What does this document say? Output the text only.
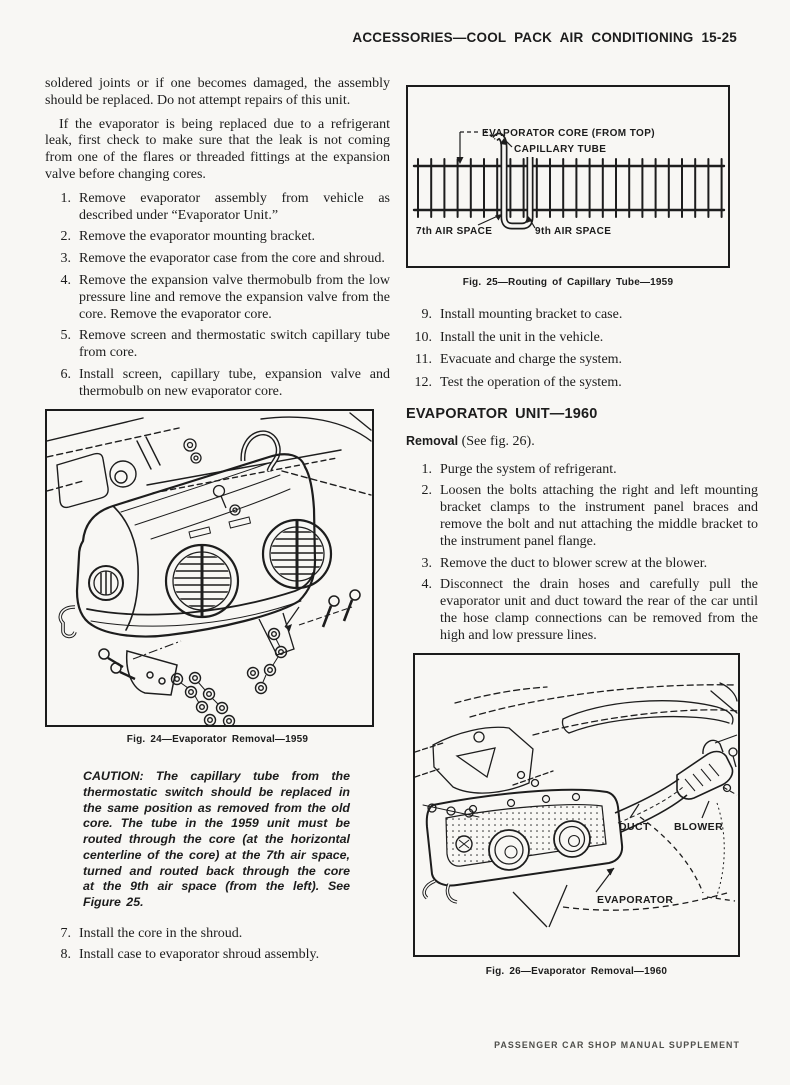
ACCESSORIES—COOL PACK AIR CONDITIONING 15-25

soldered joints or if one becomes damaged, the assembly should be replaced. Do not attempt repairs of this unit.

If the evaporator is being replaced due to a refrigerant leak, first check to make sure that the leak is not coming from one of the flares or threaded fittings at the expansion valve before changing cores.

1. Remove evaporator assembly from vehicle as described under “Evaporator Unit.”
2. Remove the evaporator mounting bracket.
3. Remove the evaporator case from the core and shroud.
4. Remove the expansion valve thermobulb from the low pressure line and remove the expansion valve from the core. Remove the evaporator core.
5. Remove screen and thermostatic switch capillary tube from core.
6. Install screen, capillary tube, expansion valve and thermobulb on new evaporator core.
Fig. 24—Evaporator Removal—1959

CAUTION: The capillary tube from the thermostatic switch should be replaced in the same position as removed from the old core. The tube in the 1959 unit must be routed through the core (at the horizontal centerline of the core) at the 7th air space, turned and routed back through the core at the 9th air space (from the left). See Figure 25.

7. Install the core in the shroud.
8. Install case to evaporator shroud assembly.
EVAPORATOR CORE (FROM TOP)
CAPILLARY TUBE
7th AIR SPACE	9th AIR SPACE
Fig. 25—Routing of Capillary Tube—1959
9. Install mounting bracket to case.
10. Install the unit in the vehicle.
11. Evacuate and charge the system.
12. Test the operation of the system.
EVAPORATOR UNIT—1960

Removal (See fig. 26).

1. Purge the system of refrigerant.
2. Loosen the bolts attaching the right and left mounting bracket clamps to the instrument panel braces and remove the bolt and nut attaching the middle bracket to the instrument panel flange.
3. Remove the duct to blower screw at the blower.
4. Disconnect the drain hoses and carefully pull the evaporator unit and duct toward the rear of the car until the hose clamp connections can be removed from the high and low pressure lines.
DUCT BLOWER
EVAPORATOR
Fig. 26—Evaporator Removal—1960
PASSENGER CAR SHOP MANUAL SUPPLEMENT
